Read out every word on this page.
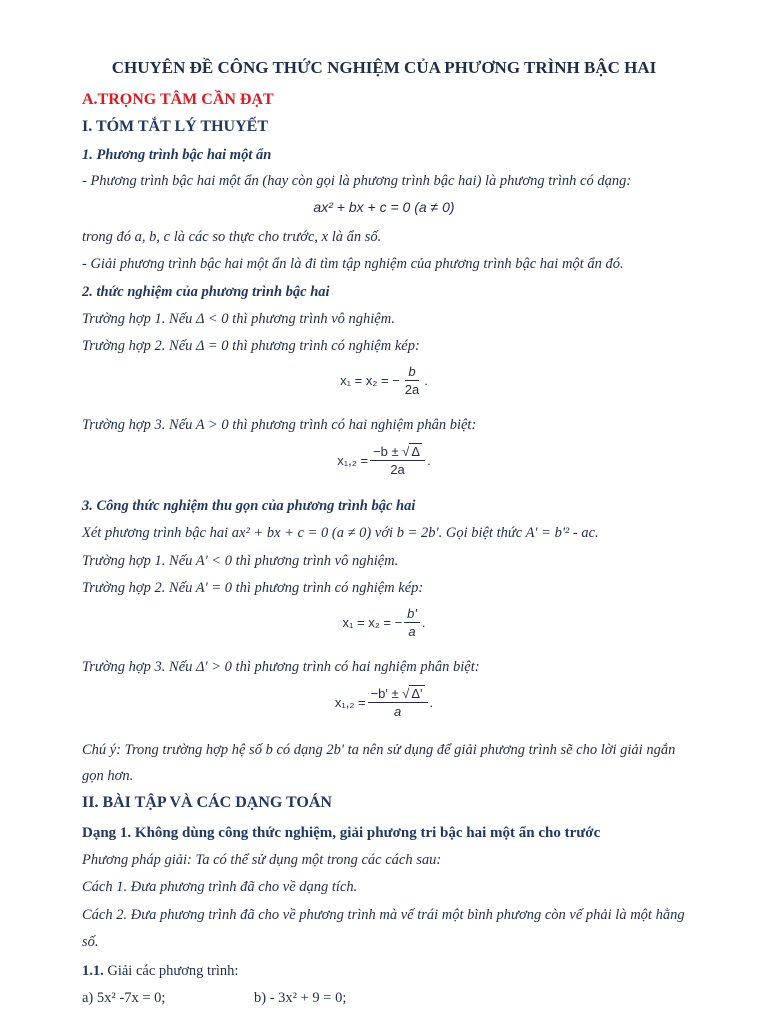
CHUYÊN ĐỀ CÔNG THỨC NGHIỆM CỦA PHƯƠNG TRÌNH BẬC HAI
A.TRỌNG TÂM CẦN ĐẠT
I. TÓM TẮT LÝ THUYẾT
1. Phương trình bậc hai một ẩn
- Phương trình bậc hai một ẩn (hay còn gọi là phương trình bậc hai) là phương trình có dạng:
ax² + bx + c = 0 (a ≠ 0)
trong đó a, b, c là các so thực cho trước, x là ẩn số.
- Giải phương trình bậc hai một ẩn là đi tìm tập nghiệm của phương trình bậc hai một ẩn đó.
2. thức nghiệm của phương trình bậc hai
Trường hợp 1. Nếu Δ < 0 thì phương trình vô nghiệm.
Trường hợp 2. Nếu Δ = 0 thì phương trình có nghiệm kép:
x₁ = x₂ = − $\frac{b}{2a}$ .
Trường hợp 3. Nếu A > 0 thì phương trình có hai nghiệm phân biệt:
$x_1,_2 = \frac{-b \pm √ \Delta}{2a}$ .
3. Công thức nghiệm thu gọn của phương trình bậc hai
Xét phương trình bậc hai ax² + bx + c = 0 (a ≠ 0) với b = 2b'. Gọi biệt thức A' = b'² - ac.
Trường hợp 1. Nếu A' < 0 thì phương trình vô nghiệm.
Trường hợp 2. Nếu A' = 0 thì phương trình có nghiệm kép:
x₁ = x₂ = − $\frac{b'}{a}$ .
Trường hợp 3. Nếu Δ' > 0 thì phương trình có hai nghiệm phân biệt:
$x_1,_2 = \frac{-b' \pm √ \Delta'}{a}$ .
Chú ý: Trong trường hợp hệ số b có dạng 2b' ta nên sử dụng để giải phương trình sẽ cho lời giải ngắn
gọn hơn.
II. BÀI TẬP VÀ CÁC DẠNG TOÁN
Dạng 1. Không dùng công thức nghiệm, giải phương tri bậc hai một ẩn cho trước
Phương pháp giải: Ta có thể sử dụng một trong các cách sau:
Cách 1. Đưa phương trình đã cho về dạng tích.
Cách 2. Đưa phương trình đã cho về phương trình mà vế trái một bình phương còn vế phải là một hằng
số.
1.1. Giải các phương trình:
a) 5x² -7x = 0;	b) - 3x² + 9 = 0;
